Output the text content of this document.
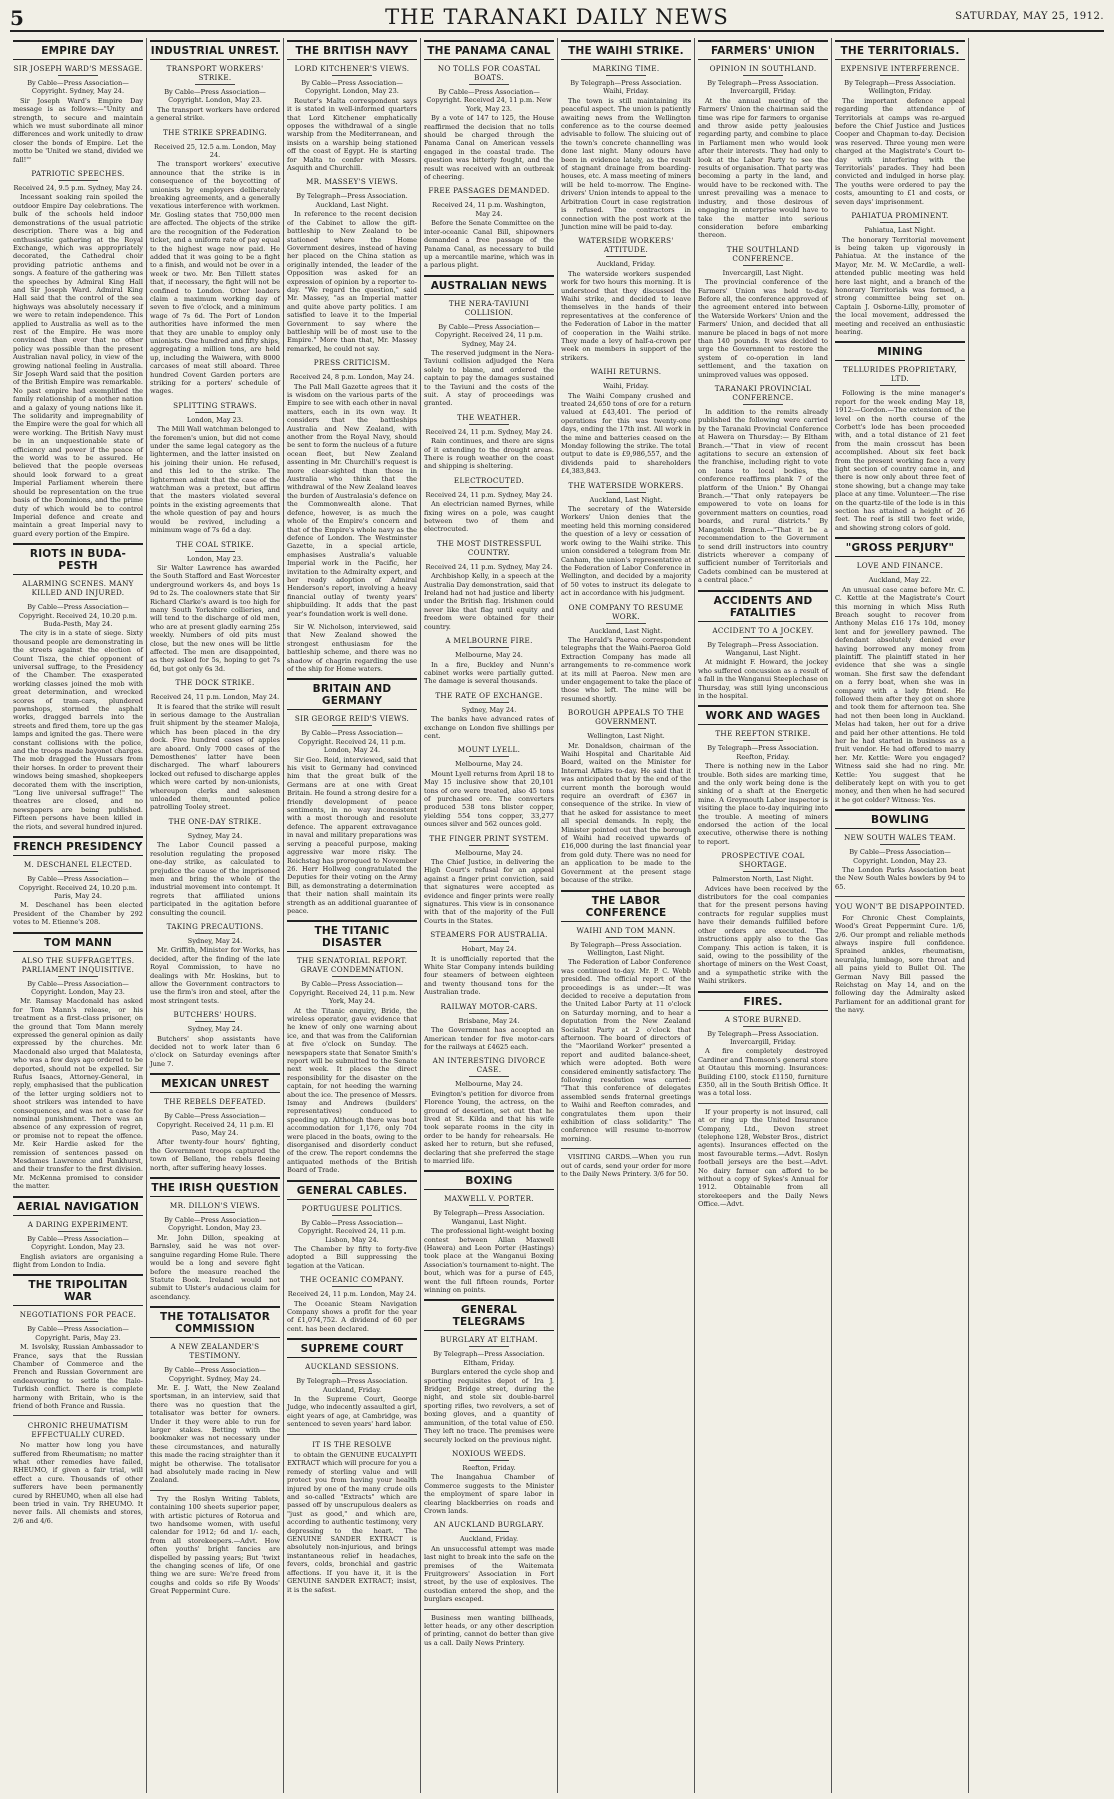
5	THE TARANAKI DAILY NEWS	SATURDAY, MAY 25, 1912.
EMPIRE DAY
SIR JOSEPH WARD'S MESSAGE.
By Cable—Press Association—Copyright. Sydney, May 24.

Sir Joseph Ward's Empire Day message is as follows:—"Unity and strength, to secure and maintain which we must subordinate all minor differences and work unitedly to draw closer the bonds of Empire. Let the motto be 'United we stand, divided we fall!'"

PATRIOTIC SPEECHES.
Received 24, 9.5 p.m. Sydney, May 24.

Incessant soaking rain spoiled the outdoor Empire Day celebrations. The bulk of the schools held indoor demonstrations of the usual patriotic description. There was a big and enthusiastic gathering at the Royal Exchange, which was appropriately decorated, the Cathedral choir providing patriotic anthems and songs. A feature of the gathering was the speeches by Admiral King Hall and Sir Joseph Ward. Admiral King Hall said that the control of the sea highways was absolutely necessary if we were to retain independence. This applied to Australia as well as to the rest of the Empire. He was more convinced than ever that no other policy was possible than the present Australian naval policy, in view of the growing national feeling in Australia. Sir Joseph Ward said that the position of the British Empire was remarkable. No past empire had exemplified the family relationship of a mother nation and a galaxy of young nations like it. The solidarity and impregnability of the Empire were the goal for which all were working. The British Navy must be in an unquestionable state of efficiency and power if the peace of the world was to be assured. He believed that the people overseas should look forward to a great Imperial Parliament wherein there should be representation on the true basis of the Dominions, and the prime duty of which would be to control Imperial defence and create and maintain a great Imperial navy to guard every portion of the Empire.

RIOTS IN BUDA-PESTH
ALARMING SCENES. MANY KILLED AND INJURED.
By Cable—Press Association—Copyright. Received 24, 10.20 p.m. Buda-Pesth, May 24.

The city is in a state of siege. Sixty thousand people are demonstrating in the streets against the election of Count Tisza, the chief opponent of universal suffrage, to the Presidency of the Chamber. The exasperated working classes joined the mob with great determination, and wrecked scores of tram-cars, plundered pawnshops, stormed the asphalt works, dragged barrels into the streets and fired them, tore up the gas lamps and ignited the gas. There were constant collisions with the police, and the troops made bayonet charges. The mob dragged the Hussars from their horses. In order to prevent their windows being smashed, shopkeepers decorated them with the inscription, "Long live universal suffrage!" The theatres are closed, and no newspapers are being published. Fifteen persons have been killed in the riots, and several hundred injured.

FRENCH PRESIDENCY
M. DESCHANEL ELECTED.
By Cable—Press Association—Copyright. Received 24, 10.20 p.m. Paris, May 24.

M. Deschanel has been elected President of the Chamber by 292 votes to M. Etienne's 208.

TOM MANN
ALSO THE SUFFRAGETTES. PARLIAMENT INQUISITIVE.
By Cable—Press Association—Copyright. London, May 23.

Mr. Ramsay Macdonald has asked for Tom Mann's release, or his treatment as a first-class prisoner, on the ground that Tom Mann merely expressed the general opinion as daily expressed by the churches. Mr. Macdonald also urged that Malatesta, who was a few days ago ordered to be deported, should not be expelled. Sir Rufus Isaacs, Attorney-General, in reply, emphasised that the publication of the letter urging soldiers not to shoot strikers was intended to have consequences, and was not a case for nominal punishment. There was an absence of any expression of regret, or promise not to repeat the offence. Mr. Keir Hardie asked for the remission of sentences passed on Mesdames Lawrence and Pankhurst, and their transfer to the first division. Mr. McKenna promised to consider the matter.

AERIAL NAVIGATION
A DARING EXPERIMENT.
By Cable—Press Association—Copyright. London, May 23.

English aviators are organising a flight from London to India.

THE TRIPOLITAN WAR
NEGOTIATIONS FOR PEACE.
By Cable—Press Association—Copyright. Paris, May 23.

M. Isvolsky, Russian Ambassador to France, says that the Russian Chamber of Commerce and the French and Russian Government are endeavouring to settle the Italo-Turkish conflict. There is complete harmony with Britain, who is the friend of both France and Russia.

CHRONIC RHEUMATISM EFFECTUALLY CURED.

No matter how long you have suffered from Rheumatism; no matter what other remedies have failed, RHEUMO, if given a fair trial, will effect a cure. Thousands of other sufferers have been permanently cured by RHEUMO, when all else had been tried in vain. Try RHEUMO. It never fails. All chemists and stores, 2/6 and 4/6.

INDUSTRIAL UNREST.
TRANSPORT WORKERS' STRIKE.
By Cable—Press Association—Copyright. London, May 23.

The transport workers have ordered a general strike.

THE STRIKE SPREADING.
Received 25, 12.5 a.m. London, May 24.

The transport workers' executive announce that the strike is in consequence of the boycotting of unionists by employers deliberately breaking agreements, and a generally vexatious interference with workmen. Mr. Gosling states that 750,000 men are affected. The objects of the strike are the recognition of the Federation ticket, and a uniform rate of pay equal to the highest wage now paid. He added that it was going to be a fight to a finish, and would not be over in a week or two. Mr. Ben Tillett states that, if necessary, the fight will not be confined to London. Other leaders claim a maximum working day of seven to five o'clock, and a minimum wage of 7s 6d. The Port of London authorities have informed the men that they are unable to employ only unionists. One hundred and fifty ships, aggregating a million tons, are held up, including the Waiwera, with 8000 carcases of meat still aboard. Three hundred Covent Garden porters are striking for a porters' schedule of wages.

SPLITTING STRAWS.
London, May 23.

The Mill Wall watchman belonged to the foremen's union, but did not come under the same legal category as the lightermen, and the latter insisted on his joining their union. He refused, and this led to the strike. The lightermen admit that the case of the watchman was a pretext, but affirm that the masters violated several points in the existing agreements that the whole question of pay and hours would be revived, including a minimum wage of 7s 6d a day.

THE COAL STRIKE.
London, May 23.

Sir Walter Lawrence has awarded the South Stafford and East Worcester underground workers 4s, and boys 1s 9d to 2s. The coalowners state that Sir Richard Clarke's award is too high for many South Yorkshire collieries, and will tend to the discharge of old men, who are at present gladly earning 25s weekly. Numbers of old pits must close, but the new ones will be little affected. The men are disappointed, as they asked for 5s, hoping to get 7s 6d, but got only 6s 3d.

THE DOCK STRIKE.
Received 24, 11 p.m. London, May 24.

It is feared that the strike will result in serious damage to the Australian fruit shipment by the steamer Maloja, which has been placed in the dry dock. Five hundred cases of apples are aboard. Only 7000 cases of the Demosthenes' latter have been discharged. The wharf labourers locked out refused to discharge apples which were carted by non-unionists, whereupon clerks and salesmen unloaded them, mounted police patrolling Tooley street.

THE ONE-DAY STRIKE.
Sydney, May 24.

The Labor Council passed a resolution regulating the proposed one-day strike, as calculated to prejudice the cause of the imprisoned men and bring the whole of the industrial movement into contempt. It regrets that affiliated unions participated in the agitation before consulting the council.

TAKING PRECAUTIONS.
Sydney, May 24.

Mr. Griffith, Minister for Works, has decided, after the finding of the late Royal Commission, to have no dealings with Mr. Hoskins, but to allow the Government contractors to use the firm's iron and steel, after the most stringent tests.

BUTCHERS' HOURS.
Sydney, May 24.

Butchers' shop assistants have decided not to work later than 6 o'clock on Saturday evenings after June 7.

MEXICAN UNREST
THE REBELS DEFEATED.
By Cable—Press Association—Copyright. Received 24, 11 p.m. El Paso, May 24.

After twenty-four hours' fighting, the Government troops captured the town of Bellano, the rebels fleeing north, after suffering heavy losses.

THE IRISH QUESTION
MR. DILLON'S VIEWS.
By Cable—Press Association—Copyright. London, May 23.

Mr. John Dillon, speaking at Barnsley, said he was not over-sanguine regarding Home Rule. There would be a long and severe fight before the measure reached the Statute Book. Ireland would not submit to Ulster's audacious claim for ascendancy.

THE TOTALISATOR COMMISSION
A NEW ZEALANDER'S TESTIMONY.
By Cable—Press Association—Copyright. Sydney, May 24.

Mr. E. J. Watt, the New Zealand sportsman, in an interview, said that there was no question that the totalisator was better for owners. Under it they were able to run for larger stakes. Betting with the bookmaker was not necessary under these circumstances, and naturally this made the racing straighter than it might be otherwise. The totalisator had absolutely made racing in New Zealand.

Try the Roslyn Writing Tablets, containing 100 sheets superior paper, with artistic pictures of Rotorua and two handsome women, with useful calendar for 1912; 6d and 1/- each, from all storekeepers.—Advt. How often youths' bright fancies are dispelled by passing years; But 'twixt the changing scenes of life, Of one thing we are sure: We're freed from coughs and colds so rife By Woods' Great Peppermint Cure.

THE BRITISH NAVY
LORD KITCHENER'S VIEWS.
By Cable—Press Association—Copyright. London, May 23.

Reuter's Malta correspondent says it is stated in well-informed quarters that Lord Kitchener emphatically opposes the withdrawal of a single warship from the Mediterranean, and insists on a warship being stationed off the coast of Egypt. He is starting for Malta to confer with Messrs. Asquith and Churchill.

MR. MASSEY'S VIEWS.
By Telegraph—Press Association. Auckland, Last Night.

In reference to the recent decision of the Cabinet to allow the gift-battleship to New Zealand to be stationed where the Home Government desires, instead of having her placed on the China station as originally intended, the leader of the Opposition was asked for an expression of opinion by a reporter to-day. "We regard the question," said Mr. Massey, "as an Imperial matter and quite above party politics. I am satisfied to leave it to the Imperial Government to say where the battleship will be of most use to the Empire." More than that, Mr. Massey remarked, he could not say.

PRESS CRITICISM.
Received 24, 8 p.m. London, May 24.

The Pall Mall Gazette agrees that it is wisdom on the various parts of the Empire to see with each other in naval matters, each in its own way. It considers that the battleships Australia and New Zealand, with another from the Royal Navy, should be sent to form the nucleus of a future ocean fleet, but New Zealand assenting in Mr. Churchill's request is more clear-sighted than those in Australia who think that the withdrawal of the New Zealand leaves the burden of Australasia's defence on the Commonwealth alone. That defence, however, is as much the whole of the Empire's concern and that of the Empire's whole navy as the defence of London. The Westminster Gazette, in a special article, emphasises Australia's valuable Imperial work in the Pacific, her invitation to the Admiralty expert, and her ready adoption of Admiral Henderson's report, involving a heavy financial outlay of twenty years' shipbuilding. It adds that the past year's foundation work is well done.

Sir W. Nicholson, interviewed, said that New Zealand showed the strongest enthusiasm for the battleship scheme, and there was no shadow of chagrin regarding the use of the ship for Home waters.

BRITAIN AND GERMANY
SIR GEORGE REID'S VIEWS.
By Cable—Press Association—Copyright. Received 24, 11 p.m. London, May 24.

Sir Geo. Reid, interviewed, said that his visit to Germany had convinced him that the great bulk of the Germans are at one with Great Britain. He found a strong desire for a friendly development of peace sentiments, in no way inconsistent with a most thorough and resolute defence. The apparent extravagance in naval and military preparations was serving a peaceful purpose, making aggressive war more risky. The Reichstag has prorogued to November 26. Herr Hollweg congratulated the Deputies for their voting on the Army Bill, as demonstrating a determination that their nation shall maintain its strength as an additional guarantee of peace.

THE TITANIC DISASTER
THE SENATORIAL REPORT. GRAVE CONDEMNATION.
By Cable—Press Association—Copyright. Received 24, 11 p.m. New York, May 24.

At the Titanic enquiry, Bride, the wireless operator, gave evidence that he knew of only one warning about ice, and that was from the Californian at five o'clock on Sunday. The newspapers state that Senator Smith's report will be submitted to the Senate next week. It places the direct responsibility for the disaster on the captain, for not heeding the warning about the ice. The presence of Messrs. Ismay and Andrews (builders' representatives) conduced to speeding up. Although there was boat accommodation for 1,176, only 704 were placed in the boats, owing to the disorganised and disorderly conduct of the crew. The report condemns the antiquated methods of the British Board of Trade.

GENERAL CABLES.
PORTUGUESE POLITICS.
By Cable—Press Association—Copyright. Received 24, 11 p.m. Lisbon, May 24.

The Chamber by fifty to forty-five adopted a Bill suppressing the legation at the Vatican.

THE OCEANIC COMPANY.
Received 24, 11 p.m. London, May 24.

The Oceanic Steam Navigation Company shows a profit for the year of £1,074,752. A dividend of 60 per cent. has been declared.

SUPREME COURT
AUCKLAND SESSIONS.
By Telegraph—Press Association. Auckland, Friday.

In the Supreme Court, George Judge, who indecently assaulted a girl, eight years of age, at Cambridge, was sentenced to seven years' hard labor.

IT IS THE RESOLVE

to obtain the GENUINE EUCALYPTI EXTRACT which will procure for you a remedy of sterling value and will protect you from having your health injured by one of the many crude oils and so-called "Extracts" which are passed off by unscrupulous dealers as "just as good," and which are, according to authentic testimony, very depressing to the heart. The GENUINE SANDER EXTRACT is absolutely non-injurious, and brings instantaneous relief in headaches, fevers, colds, bronchial and gastric affections. If you have it, it is the GENUINE SANDER EXTRACT; insist, it is the safest.

THE PANAMA CANAL
NO TOLLS FOR COASTAL BOATS.
By Cable—Press Association—Copyright. Received 24, 11 p.m. New York, May 23.

By a vote of 147 to 125, the House reaffirmed the decision that no tolls should be charged through the Panama Canal on American vessels engaged in the coastal trade. The question was bitterly fought, and the result was received with an outbreak of cheering.

FREE PASSAGES DEMANDED.
Received 24, 11 p.m. Washington, May 24.

Before the Senate Committee on the inter-oceanic Canal Bill, shipowners demanded a free passage of the Panama Canal, as necessary to build up a mercantile marine, which was in a parlous plight.

AUSTRALIAN NEWS
THE NERA-TAVIUNI COLLISION.
By Cable—Press Association—Copyright. Received 24, 11 p.m. Sydney, May 24.

The reserved judgment in the Nera-Taviuni collision adjudged the Nera solely to blame, and ordered the captain to pay the damages sustained to the Taviuni and the costs of the suit. A stay of proceedings was granted.

THE WEATHER.
Received 24, 11 p.m. Sydney, May 24.

Rain continues, and there are signs of it extending to the drought areas. There is rough weather on the coast and shipping is sheltering.

ELECTROCUTED.
Received 24, 11 p.m. Sydney, May 24.

An electrician named Byrnes, while fixing wires on a pole, was caught between two of them and electrocuted.

THE MOST DISTRESSFUL COUNTRY.
Received 24, 11 p.m. Sydney, May 24.

Archbishop Kelly, in a speech at the Australia Day demonstration, said that Ireland had not had justice and liberty under the British flag. Irishmen could never like that flag until equity and freedom were obtained for their country.

A MELBOURNE FIRE.
Melbourne, May 24.

In a fire, Buckley and Nunn's cabinet works were partially gutted. The damage is several thousands.

THE RATE OF EXCHANGE.
Sydney, May 24.

The banks have advanced rates of exchange on London five shillings per cent.

MOUNT LYELL.
Melbourne, May 24.

Mount Lyell returns from April 18 to May 15 inclusive show that 20,101 tons of ore were treated, also 45 tons of purchased ore. The converters produced 538 tons blister copper, yielding 554 tons copper, 33,277 ounces silver and 562 ounces gold.

THE FINGER PRINT SYSTEM.
Melbourne, May 24.

The Chief Justice, in delivering the High Court's refusal for an appeal against a finger print conviction, said that signatures were accepted as evidence and finger prints were really signatures. This view is in consonance with that of the majority of the Full Courts in the States.

STEAMERS FOR AUSTRALIA.
Hobart, May 24.

It is unofficially reported that the White Star Company intends building four steamers of between eighteen and twenty thousand tons for the Australian trade.

RAILWAY MOTOR-CARS.
Brisbane, May 24.

The Government has accepted an American tender for five motor-cars for the railways at £4625 each.

AN INTERESTING DIVORCE CASE.
Melbourne, May 24.

Evington's petition for divorce from Florence Young, the actress, on the ground of desertion, set out that he lived at St. Kilda and that his wife took separate rooms in the city in order to be handy for rehearsals. He asked her to return, but she refused, declaring that she preferred the stage to married life.

BOXING
MAXWELL V. PORTER.
By Telegraph—Press Association. Wanganui, Last Night.

The professional light-weight boxing contest between Allan Maxwell (Hawera) and Leon Porter (Hastings) took place at the Wanganui Boxing Association's tournament to-night. The bout, which was for a purse of £45, went the full fifteen rounds, Porter winning on points.

GENERAL TELEGRAMS
BURGLARY AT ELTHAM.
By Telegraph—Press Association. Eltham, Friday.

Burglars entered the cycle shop and sporting requisites depot of Ira J. Bridger, Bridge street, during the night, and stole six double-barrel sporting rifles, two revolvers, a set of boxing gloves, and a quantity of ammunition, of the total value of £50. They left no trace. The premises were securely locked on the previous night.

NOXIOUS WEEDS.
Reefton, Friday.

The Inangahua Chamber of Commerce suggests to the Minister the employment of spare labor in clearing blackberries on roads and Crown lands.

AN AUCKLAND BURGLARY.
Auckland, Friday.

An unsuccessful attempt was made last night to break into the safe on the premises of the Waitemata Fruitgrowers' Association in Fort street, by the use of explosives. The custodian entered the shop, and the burglars escaped.

Business men wanting billheads, letter heads, or any other description of printing, cannot do better than give us a call. Daily News Printery.

THE WAIHI STRIKE.
MARKING TIME.
By Telegraph—Press Association. Waihi, Friday.

The town is still maintaining its peaceful aspect. The union is patiently awaiting news from the Wellington conference as to the course deemed advisable to follow. The sluicing out of the town's concrete channelling was done last night. Many odours have been in evidence lately, as the result of stagnant drainage from boarding-houses, etc. A mass meeting of miners will be held to-morrow. The Engine-drivers' Union intends to appeal to the Arbitration Court in case registration is refused. The contractors in connection with the post work at the Junction mine will be paid to-day.

WATERSIDE WORKERS' ATTITUDE.
Auckland, Friday.

The waterside workers suspended work for two hours this morning. It is understood that they discussed the Waihi strike, and decided to leave themselves in the hands of their representatives at the conference of the Federation of Labor in the matter of cooperation in the Waihi strike. They made a levy of half-a-crown per week on members in support of the strikers.

WAIHI RETURNS.
Waihi, Friday.

The Waihi Company crushed and treated 24,650 tons of ore for a return valued at £43,401. The period of operations for this was twenty-one days, ending the 17th inst. All work in the mine and batteries ceased on the Monday following the strike. The total output to date is £9,986,557, and the dividends paid to shareholders £4,383,843.

THE WATERSIDE WORKERS.
Auckland, Last Night.

The secretary of the Waterside Workers' Union denies that the meeting held this morning considered the question of a levy or cessation of work owing to the Waihi strike. This union considered a telegram from Mr. Canham, the union's representative at the Federation of Labor Conference in Wellington, and decided by a majority of 50 votes to instruct its delegate to act in accordance with his judgment.

ONE COMPANY TO RESUME WORK.
Auckland, Last Night.

The Herald's Paeroa correspondent telegraphs that the Waihi-Paeroa Gold Extraction Company has made all arrangements to re-commence work at its mill at Paeroa. New men are under engagement to take the place of those who left. The mine will be resumed shortly.

BOROUGH APPEALS TO THE GOVERNMENT.
Wellington, Last Night.

Mr. Donaldson, chairman of the Waihi Hospital and Charitable Aid Board, waited on the Minister for Internal Affairs to-day. He said that it was anticipated that by the end of the current month the borough would require an overdraft of £367 in consequence of the strike. In view of that he asked for assistance to meet all special demands. In reply, the Minister pointed out that the borough of Waihi had received upwards of £16,000 during the last financial year from gold duty. There was no need for an application to be made to the Government at the present stage because of the strike.

THE LABOR CONFERENCE
WAIHI AND TOM MANN.
By Telegraph—Press Association. Wellington, Last Night.

The Federation of Labor Conference was continued to-day. Mr. P. C. Webb presided. The official report of the proceedings is as under:—It was decided to receive a deputation from the United Labor Party at 11 o'clock on Saturday morning, and to hear a deputation from the New Zealand Socialist Party at 2 o'clock that afternoon. The board of directors of the "Maoriland Worker" presented a report and audited balance-sheet, which were adopted. Both were considered eminently satisfactory. The following resolution was carried: "That this conference of delegates assembled sends fraternal greetings to Waihi and Reefton comrades, and congratulates them upon their exhibition of class solidarity." The conference will resume to-morrow morning.

VISITING CARDS.—When you run out of cards, send your order for more to the Daily News Printery. 3/6 for 50.

FARMERS' UNION
OPINION IN SOUTHLAND.
By Telegraph—Press Association. Invercargill, Friday.

At the annual meeting of the Farmers' Union the chairman said the time was ripe for farmers to organise and throw aside petty jealousies regarding party, and combine to place in Parliament men who would look after their interests. They had only to look at the Labor Party to see the results of organisation. That party was becoming a party in the land, and would have to be reckoned with. The unrest prevailing was a menace to industry, and those desirous of engaging in enterprise would have to take the matter into serious consideration before embarking thereon.

THE SOUTHLAND CONFERENCE.
Invercargill, Last Night.

The provincial conference of the Farmers' Union was held to-day. Before all, the conference approved of the agreement entered into between the Waterside Workers' Union and the Farmers' Union, and decided that all manure be placed in bags of not more than 140 pounds. It was decided to urge the Government to restore the system of co-operation in land settlement, and the taxation on unimproved values was opposed.

TARANAKI PROVINCIAL CONFERENCE.

In addition to the remits already published the following were carried by the Taranaki Provincial Conference at Hawera on Thursday:— By Eltham Branch.—"That in view of recent agitations to secure an extension of the franchise, including right to vote on loans to local bodies, the conference reaffirms plank 7 of the platform of the Union." By Ohangai Branch.—"That only ratepayers be empowered to vote on loans for government matters on counties, road boards, and rural districts." By Mangatoki Branch.—"That it be a recommendation to the Government to send drill instructors into country districts wherever a company of sufficient number of Territorials and Cadets combined can be mustered at a central place."

ACCIDENTS AND FATALITIES
ACCIDENT TO A JOCKEY.
By Telegraph—Press Association. Wanganui, Last Night.

At midnight F. Howard, the jockey who suffered concussion as a result of a fall in the Wanganui Steeplechase on Thursday, was still lying unconscious in the hospital.

WORK AND WAGES
THE REEFTON STRIKE.
By Telegraph—Press Association. Reefton, Friday.

There is nothing new in the Labor trouble. Both sides are marking time, and the only work being done is the sinking of a shaft at the Energetic mine. A Greymouth Labor inspector is visiting the place to-day inquiring into the trouble. A meeting of miners endorsed the action of the local executive, otherwise there is nothing to report.

PROSPECTIVE COAL SHORTAGE.
Palmerston North, Last Night.

Advices have been received by the distributors for the coal companies that for the present persons having contracts for regular supplies must have their demands fulfilled before other orders are executed. The instructions apply also to the Gas Company. This action is taken, it is said, owing to the possibility of the shortage of miners on the West Coast, and a sympathetic strike with the Waihi strikers.

FIRES.
A STORE BURNED.
By Telegraph—Press Association. Invercargill, Friday.

A fire completely destroyed Cardiner and Thomson's general store at Otautau this morning. Insurances: Building £100, stock £1150, furniture £350, all in the South British Office. It was a total loss.

If your property is not insured, call at or ring up the United Insurance Company, Ltd., Devon street (telephone 128, Webster Bros., district agents). Insurances effected on the most favourable terms.—Advt. Roslyn football jerseys are the best.—Advt. No dairy farmer can afford to be without a copy of Sykes's Annual for 1912. Obtainable from all storekeepers and the Daily News Office.—Advt.

THE TERRITORIALS.
EXPENSIVE INTERFERENCE.
By Telegraph—Press Association. Wellington, Friday.

The important defence appeal regarding the attendance of Territorials at camps was re-argued before the Chief Justice and Justices Cooper and Chapman to-day. Decision was reserved. Three young men were charged at the Magistrate's Court to-day with interfering with the Territorials' parades. They had been convicted and indulged in horse play. The youths were ordered to pay the costs, amounting to £1 and costs, or seven days' imprisonment.

PAHIATUA PROMINENT.
Pahiatua, Last Night.

The honorary Territorial movement is being taken up vigorously in Pahiatua. At the instance of the Mayor, Mr. M. W. McCardle, a well-attended public meeting was held here last night, and a branch of the honorary Territorials was formed, a strong committee being set on. Captain J. Osborne-Lilly, promoter of the local movement, addressed the meeting and received an enthusiastic hearing.

MINING
TELLURIDES PROPRIETARY, LTD.

Following is the mine manager's report for the week ending May 18, 1912:—Gordon.—The extension of the level on the north course of the Corbett's lode has been proceeded with, and a total distance of 21 feet from the main crosscut has been accomplished. About six feet back from the present working face a very light section of country came in, and there is now only about three feet of stone showing, but a change may take place at any time. Volunteer.—The rise on the quartz-tile of the lode is in this section has attained a height of 26 feet. The reef is still two feet wide, and showing strong colors of gold.

"GROSS PERJURY"
LOVE AND FINANCE.
Auckland, May 22.

An unusual case came before Mr. C. C. Kettle at the Magistrate's Court this morning in which Miss Ruth Breach sought to recover from Anthony Melas £16 17s 10d, money lent and for jewellery pawned. The defendant absolutely denied ever having borrowed any money from plaintiff. The plaintiff stated in her evidence that she was a single woman. She first saw the defendant on a ferry boat, when she was in company with a lady friend. He followed them after they got on shore and took them for afternoon tea. She had not then been long in Auckland. Melas had taken, her out for a drive and paid her other attentions. He told her he had started in business as a fruit vendor. He had offered to marry her. Mr. Kettle: Were you engaged? Witness said she had no ring. Mr. Kettle: You suggest that he deliberately kept on with you to get money, and then when he had secured it he got colder? Witness: Yes.

BOWLING
NEW SOUTH WALES TEAM.
By Cable—Press Association—Copyright. London, May 23.

The London Parks Association beat the New South Wales bowlers by 94 to 65.

YOU WON'T BE DISAPPOINTED.

For Chronic Chest Complaints, Wood's Great Peppermint Cure. 1/6, 2/6. Our prompt and reliable methods always inspire full confidence. Sprained ankles, rheumatism, neuralgia, lumbago, sore throat and all pains yield to Bullet Oil. The German Navy Bill passed the Reichstag on May 14, and on the following day the Admiralty asked Parliament for an additional grant for the navy.
